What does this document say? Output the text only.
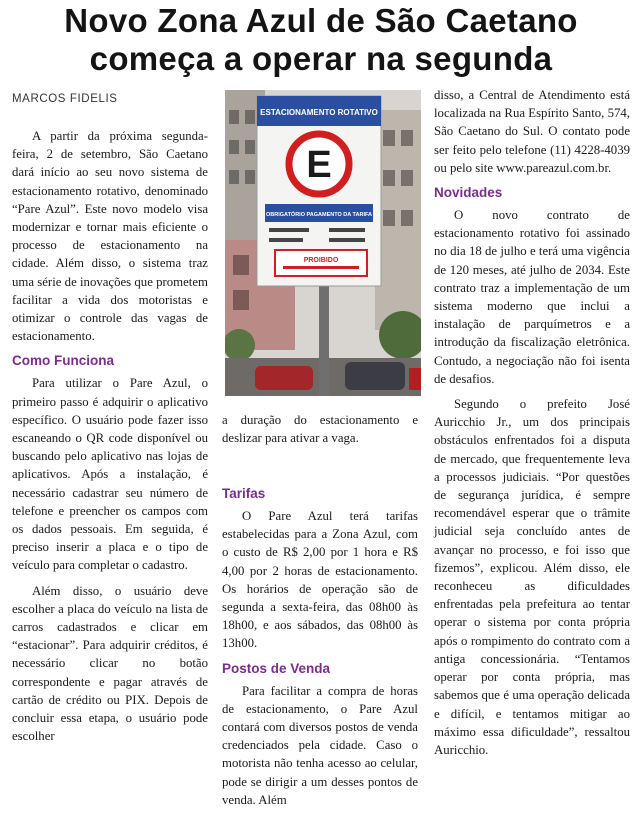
Novo Zona Azul de São Caetano começa a operar na segunda
MARCOS FIDELIS

A partir da próxima segunda-feira, 2 de setembro, São Caetano dará início ao seu novo sistema de estacionamento rotativo, denominado “Pare Azul”. Este novo modelo visa modernizar e tornar mais eficiente o processo de estacionamento na cidade. Além disso, o sistema traz uma série de inovações que prometem facilitar a vida dos motoristas e otimizar o controle das vagas de estacionamento.

Como Funciona

Para utilizar o Pare Azul, o primeiro passo é adquirir o aplicativo específico. O usuário pode fazer isso escaneando o QR code disponível ou buscando pelo aplicativo nas lojas de aplicativos. Após a instalação, é necessário cadastrar seu número de telefone e preencher os campos com os dados pessoais. Em seguida, é preciso inserir a placa e o tipo de veículo para completar o cadastro.

Além disso, o usuário deve escolher a placa do veículo na lista de carros cadastrados e clicar em “estacionar”. Para adquirir créditos, é necessário clicar no botão correspondente e pagar através de cartão de crédito ou PIX. Depois de concluir essa etapa, o usuário pode escolher

ESTACIONAMENTO ROTATIVO
E
OBRIGATÓRIO PAGAMENTO DA TARIFA
PROIBIDO

a duração do estacionamento e deslizar para ativar a vaga.

Tarifas

O Pare Azul terá tarifas estabelecidas para a Zona Azul, com o custo de R$ 2,00 por 1 hora e R$ 4,00 por 2 horas de estacionamento. Os horários de operação são de segunda a sexta-feira, das 08h00 às 18h00, e aos sábados, das 08h00 às 13h00.

Postos de Venda

Para facilitar a compra de horas de estacionamento, o Pare Azul contará com diversos postos de venda credenciados pela cidade. Caso o motorista não tenha acesso ao celular, pode se dirigir a um desses pontos de venda. Além

disso, a Central de Atendimento está localizada na Rua Espírito Santo, 574, São Caetano do Sul. O contato pode ser feito pelo telefone (11) 4228-4039 ou pelo site www.pareazul.com.br.

Novidades

O novo contrato de estacionamento rotativo foi assinado no dia 18 de julho e terá uma vigência de 120 meses, até julho de 2034. Este contrato traz a implementação de um sistema moderno que inclui a instalação de parquímetros e a introdução da fiscalização eletrônica. Contudo, a negociação não foi isenta de desafios.

Segundo o prefeito José Auricchio Jr., um dos principais obstáculos enfrentados foi a disputa de mercado, que frequentemente leva a processos judiciais. “Por questões de segurança jurídica, é sempre recomendável esperar que o trâmite judicial seja concluído antes de avançar no processo, e foi isso que fizemos”, explicou. Além disso, ele reconheceu as dificuldades enfrentadas pela prefeitura ao tentar operar o sistema por conta própria após o rompimento do contrato com a antiga concessionária. “Tentamos operar por conta própria, mas sabemos que é uma operação delicada e difícil, e tentamos mitigar ao máximo essa dificuldade”, ressaltou Auricchio.
